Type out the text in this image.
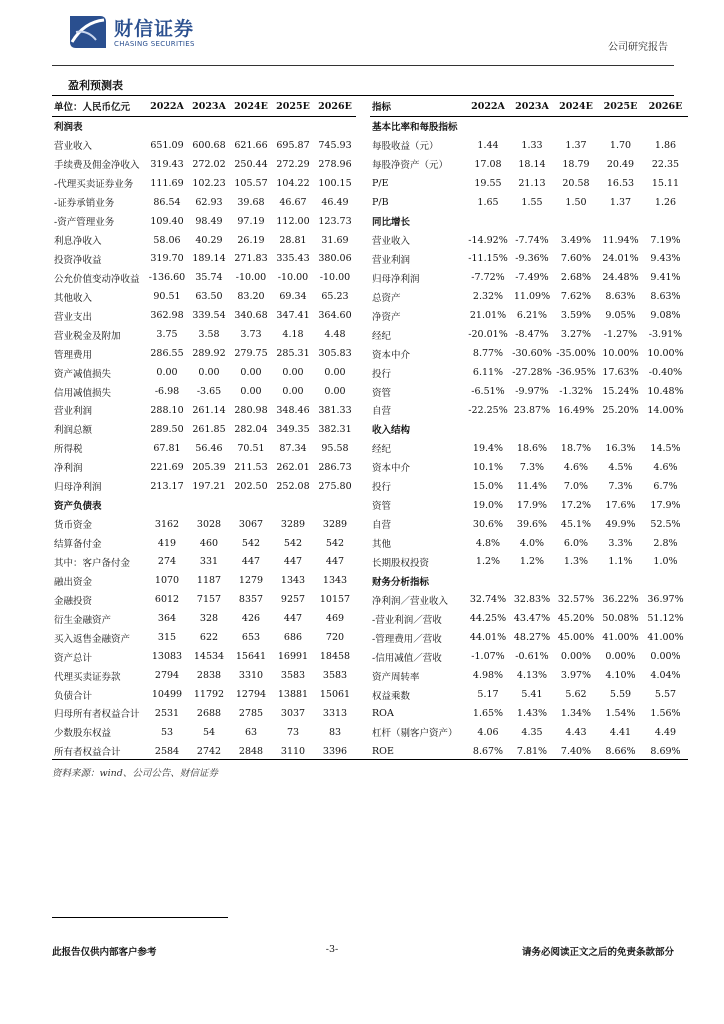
财信证券
CHASING SECURITIES	公司研究报告
盈利预测表
单位：人民币亿元	2022A	2023A	2024E	2025E	2026E
利润表					
营业收入	651.09	600.68	621.66	695.87	745.93
手续费及佣金净收入	319.43	272.02	250.44	272.29	278.96
-代理买卖证券业务	111.69	102.23	105.57	104.22	100.15
-证券承销业务	86.54	62.93	39.68	46.67	46.49
-资产管理业务	109.40	98.49	97.19	112.00	123.73
利息净收入	58.06	40.29	26.19	28.81	31.69
投资净收益	319.70	189.14	271.83	335.43	380.06
公允价值变动净收益	-136.60	35.74	-10.00	-10.00	-10.00
其他收入	90.51	63.50	83.20	69.34	65.23
营业支出	362.98	339.54	340.68	347.41	364.60
营业税金及附加	3.75	3.58	3.73	4.18	4.48
管理费用	286.55	289.92	279.75	285.31	305.83
资产减值损失	0.00	0.00	0.00	0.00	0.00
信用减值损失	-6.98	-3.65	0.00	0.00	0.00
营业利润	288.10	261.14	280.98	348.46	381.33
利润总额	289.50	261.85	282.04	349.35	382.31
所得税	67.81	56.46	70.51	87.34	95.58
净利润	221.69	205.39	211.53	262.01	286.73
归母净利润	213.17	197.21	202.50	252.08	275.80
资产负债表					
货币资金	3162	3028	3067	3289	3289
结算备付金	419	460	542	542	542
其中：客户备付金	274	331	447	447	447
融出资金	1070	1187	1279	1343	1343
金融投资	6012	7157	8357	9257	10157
衍生金融资产	364	328	426	447	469
买入返售金融资产	315	622	653	686	720
资产总计	13083	14534	15641	16991	18458
代理买卖证券款	2794	2838	3310	3583	3583
负债合计	10499	11792	12794	13881	15061
归母所有者权益合计	2531	2688	2785	3037	3313
少数股东权益	53	54	63	73	83
所有者权益合计	2584	2742	2848	3110	3396
指标	2022A	2023A	2024E	2025E	2026E
基本比率和每股指标					
每股收益（元）	1.44	1.33	1.37	1.70	1.86
每股净资产（元）	17.08	18.14	18.79	20.49	22.35
P/E	19.55	21.13	20.58	16.53	15.11
P/B	1.65	1.55	1.50	1.37	1.26
同比增长					
营业收入	-14.92%	-7.74%	3.49%	11.94%	7.19%
营业利润	-11.15%	-9.36%	7.60%	24.01%	9.43%
归母净利润	-7.72%	-7.49%	2.68%	24.48%	9.41%
总资产	2.32%	11.09%	7.62%	8.63%	8.63%
净资产	21.01%	6.21%	3.59%	9.05%	9.08%
经纪	-20.01%	-8.47%	3.27%	-1.27%	-3.91%
资本中介	8.77%	-30.60%	-35.00%	10.00%	10.00%
投行	6.11%	-27.28%	-36.95%	17.63%	-0.40%
资管	-6.51%	-9.97%	-1.32%	15.24%	10.48%
自营	-22.25%	23.87%	16.49%	25.20%	14.00%
收入结构					
经纪	19.4%	18.6%	18.7%	16.3%	14.5%
资本中介	10.1%	7.3%	4.6%	4.5%	4.6%
投行	15.0%	11.4%	7.0%	7.3%	6.7%
资管	19.0%	17.9%	17.2%	17.6%	17.9%
自营	30.6%	39.6%	45.1%	49.9%	52.5%
其他	4.8%	4.0%	6.0%	3.3%	2.8%
长期股权投资	1.2%	1.2%	1.3%	1.1%	1.0%
财务分析指标					
净利润／营业收入	32.74%	32.83%	32.57%	36.22%	36.97%
-营业利润／营收	44.25%	43.47%	45.20%	50.08%	51.12%
-管理费用／营收	44.01%	48.27%	45.00%	41.00%	41.00%
-信用减值／营收	-1.07%	-0.61%	0.00%	0.00%	0.00%
资产周转率	4.98%	4.13%	3.97%	4.10%	4.04%
权益乘数	5.17	5.41	5.62	5.59	5.57
ROA	1.65%	1.43%	1.34%	1.54%	1.56%
杠杆（剔客户资产）	4.06	4.35	4.43	4.41	4.49
ROE	8.67%	7.81%	7.40%	8.66%	8.69%
资料来源：wind、公司公告、财信证券
此报告仅供内部客户参考	-3-	请务必阅读正文之后的免责条款部分
